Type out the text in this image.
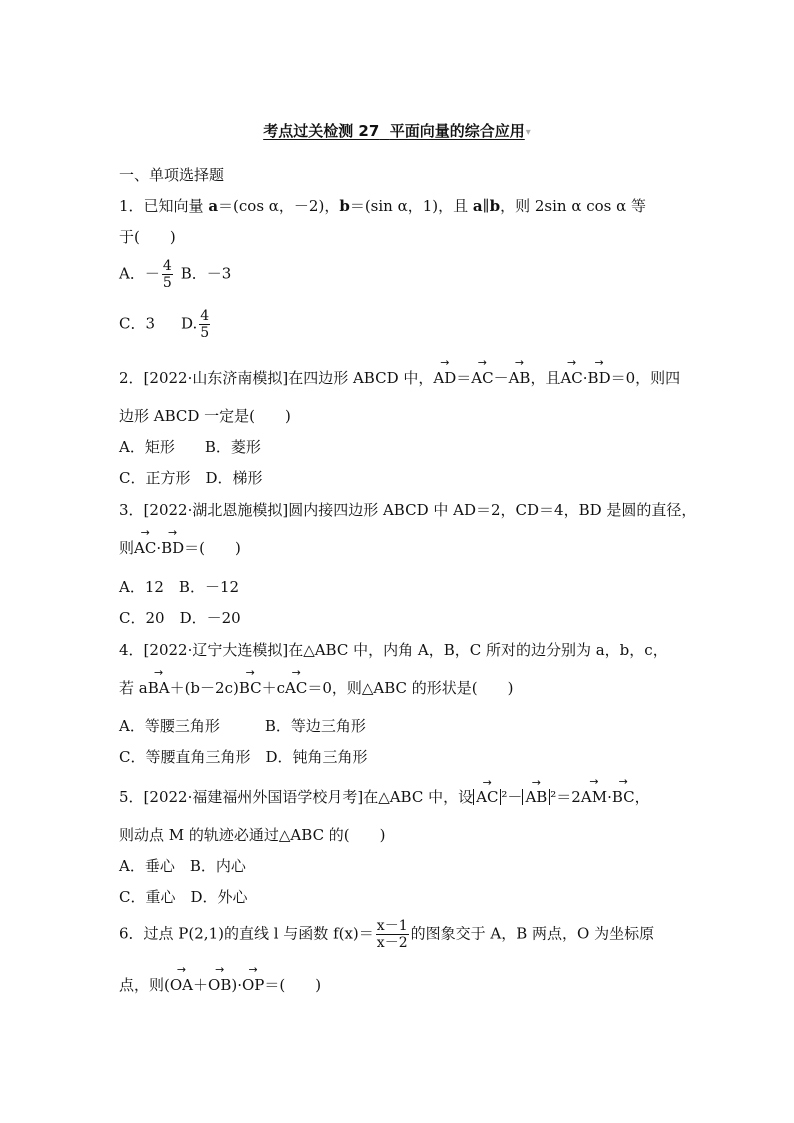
考点过关检测 27 平面向量的综合应用▾
一、单项选择题
1．已知向量 a＝(cos α，－2)，b＝(sin α，1)，且 a∥b，则 2sin α cos α 等
于(　　)
A．－ $\frac{4}{5}$ B．－3
C．3 D. $\frac{4}{5}$
2．[2022·山东济南模拟]在四边形 ABCD 中，→ AD＝→ AC－→ AB，且→ AC·→ BD＝0，则四
边形 ABCD 一定是(　　)
A．矩形　　B．菱形
C．正方形　D．梯形
3．[2022·湖北恩施模拟]圆内接四边形 ABCD 中 AD＝2，CD＝4，BD 是圆的直径，
则→ AC·→ BD＝(　　)
A．12　B．－12
C．20　D．－20
4．[2022·辽宁大连模拟]在△ABC 中，内角 A，B，C 所对的边分别为 a，b，c，
若 a→ BA＋(b－2c)→ BC＋c→ AC＝0，则△ABC 的形状是(　　)
A．等腰三角形　　　B．等边三角形
C．等腰直角三角形　D．钝角三角形
5．[2022·福建福州外国语学校月考]在△ABC 中，设 → AC ²－ → AB ²＝2→ AM·→ BC，
则动点 M 的轨迹必通过△ABC 的(　　)
A．垂心　B．内心
C．重心　D．外心
6．过点 P(2,1)的直线 l 与函数 $f(x)= \frac{x-1}{x-2}$ 的图象交于 A，B 两点，O 为坐标原
点，则(→ OA＋→ OB)·→ OP＝(　　)
